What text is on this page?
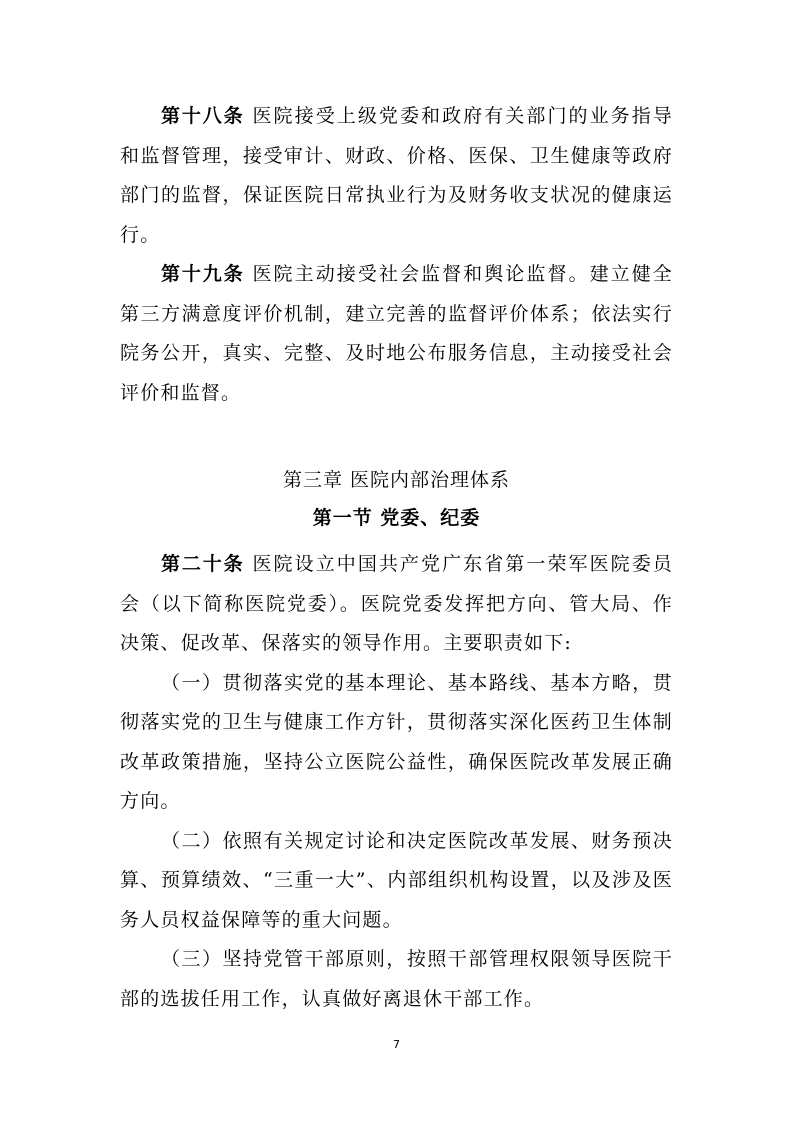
第十八条 医院接受上级党委和政府有关部门的业务指导和监督管理，接受审计、财政、价格、医保、卫生健康等政府部门的监督，保证医院日常执业行为及财务收支状况的健康运行。

第十九条 医院主动接受社会监督和舆论监督。建立健全第三方满意度评价机制，建立完善的监督评价体系；依法实行院务公开，真实、完整、及时地公布服务信息，主动接受社会评价和监督。

第三章 医院内部治理体系
第一节 党委、纪委

第二十条 医院设立中国共产党广东省第一荣军医院委员会（以下简称医院党委）。医院党委发挥把方向、管大局、作决策、促改革、保落实的领导作用。主要职责如下:

（一）贯彻落实党的基本理论、基本路线、基本方略，贯彻落实党的卫生与健康工作方针，贯彻落实深化医药卫生体制改革政策措施，坚持公立医院公益性，确保医院改革发展正确方向。

（二）依照有关规定讨论和决定医院改革发展、财务预决算、预算绩效、“三重一大”、内部组织机构设置，以及涉及医务人员权益保障等的重大问题。

（三）坚持党管干部原则，按照干部管理权限领导医院干部的选拔任用工作，认真做好离退休干部工作。

7
